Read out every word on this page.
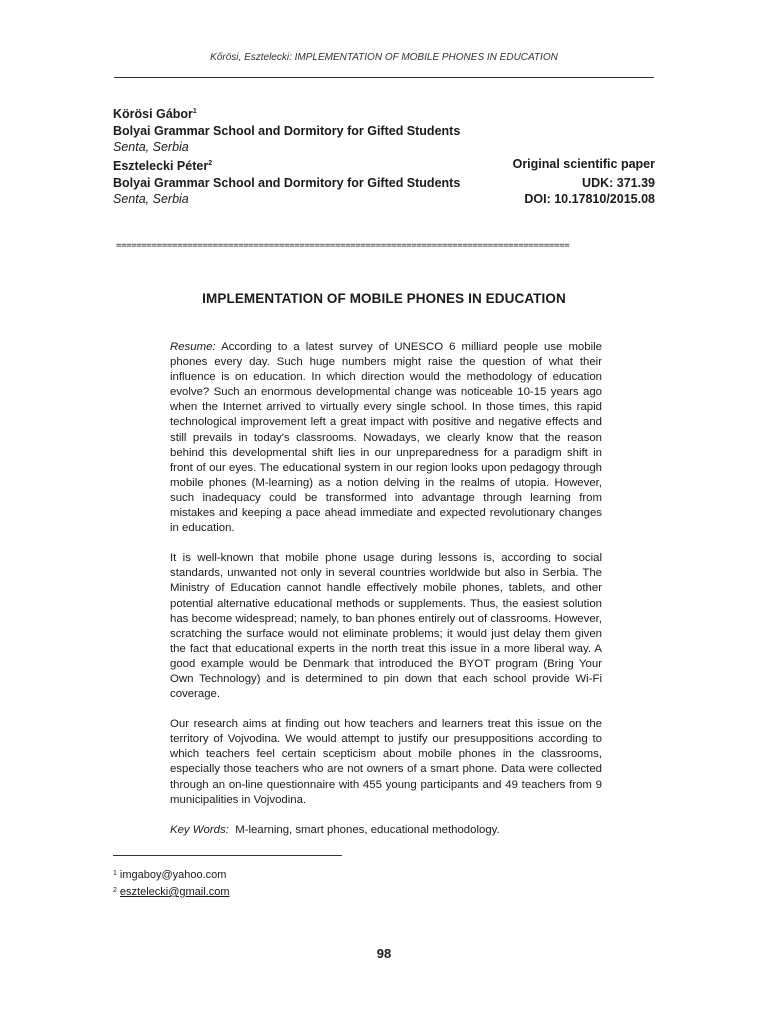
Kőrösi, Esztelecki: IMPLEMENTATION OF MOBILE PHONES IN EDUCATION
Körösi Gábor$^1$
Bolyai Grammar School and Dormitory for Gifted Students
Senta, Serbia
Esztelecki Péter$^2$	Original scientific paper
Bolyai Grammar School and Dormitory for Gifted Students	UDK: 371.39
Senta, Serbia	DOI: 10.17810/2015.08
=========================================================================================
IMPLEMENTATION OF MOBILE PHONES IN EDUCATION

Resume: According to a latest survey of UNESCO 6 milliard people use mobile phones every day. Such huge numbers might raise the question of what their influence is on education. In which direction would the methodology of education evolve? Such an enormous developmental change was noticeable 10-15 years ago when the Internet arrived to virtually every single school. In those times, this rapid technological improvement left a great impact with positive and negative effects and still prevails in today's classrooms. Nowadays, we clearly know that the reason behind this developmental shift lies in our unpreparedness for a paradigm shift in front of our eyes. The educational system in our region looks upon pedagogy through mobile phones (M-learning) as a notion delving in the realms of utopia. However, such inadequacy could be transformed into advantage through learning from mistakes and keeping a pace ahead immediate and expected revolutionary changes in education.

It is well-known that mobile phone usage during lessons is, according to social standards, unwanted not only in several countries worldwide but also in Serbia. The Ministry of Education cannot handle effectively mobile phones, tablets, and other potential alternative educational methods or supplements. Thus, the easiest solution has become widespread; namely, to ban phones entirely out of classrooms. However, scratching the surface would not eliminate problems; it would just delay them given the fact that educational experts in the north treat this issue in a more liberal way. A good example would be Denmark that introduced the BYOT program (Bring Your Own Technology) and is determined to pin down that each school provide Wi-Fi coverage.

Our research aims at finding out how teachers and learners treat this issue on the territory of Vojvodina. We would attempt to justify our presuppositions according to which teachers feel certain scepticism about mobile phones in the classrooms, especially those teachers who are not owners of a smart phone. Data were collected through an on-line questionnaire with 455 young participants and 49 teachers from 9 municipalities in Vojvodina.

Key Words: M-learning, smart phones, educational methodology.

$^1$ imgaboy@yahoo.com
$^2$ esztelecki@gmail.com
98
